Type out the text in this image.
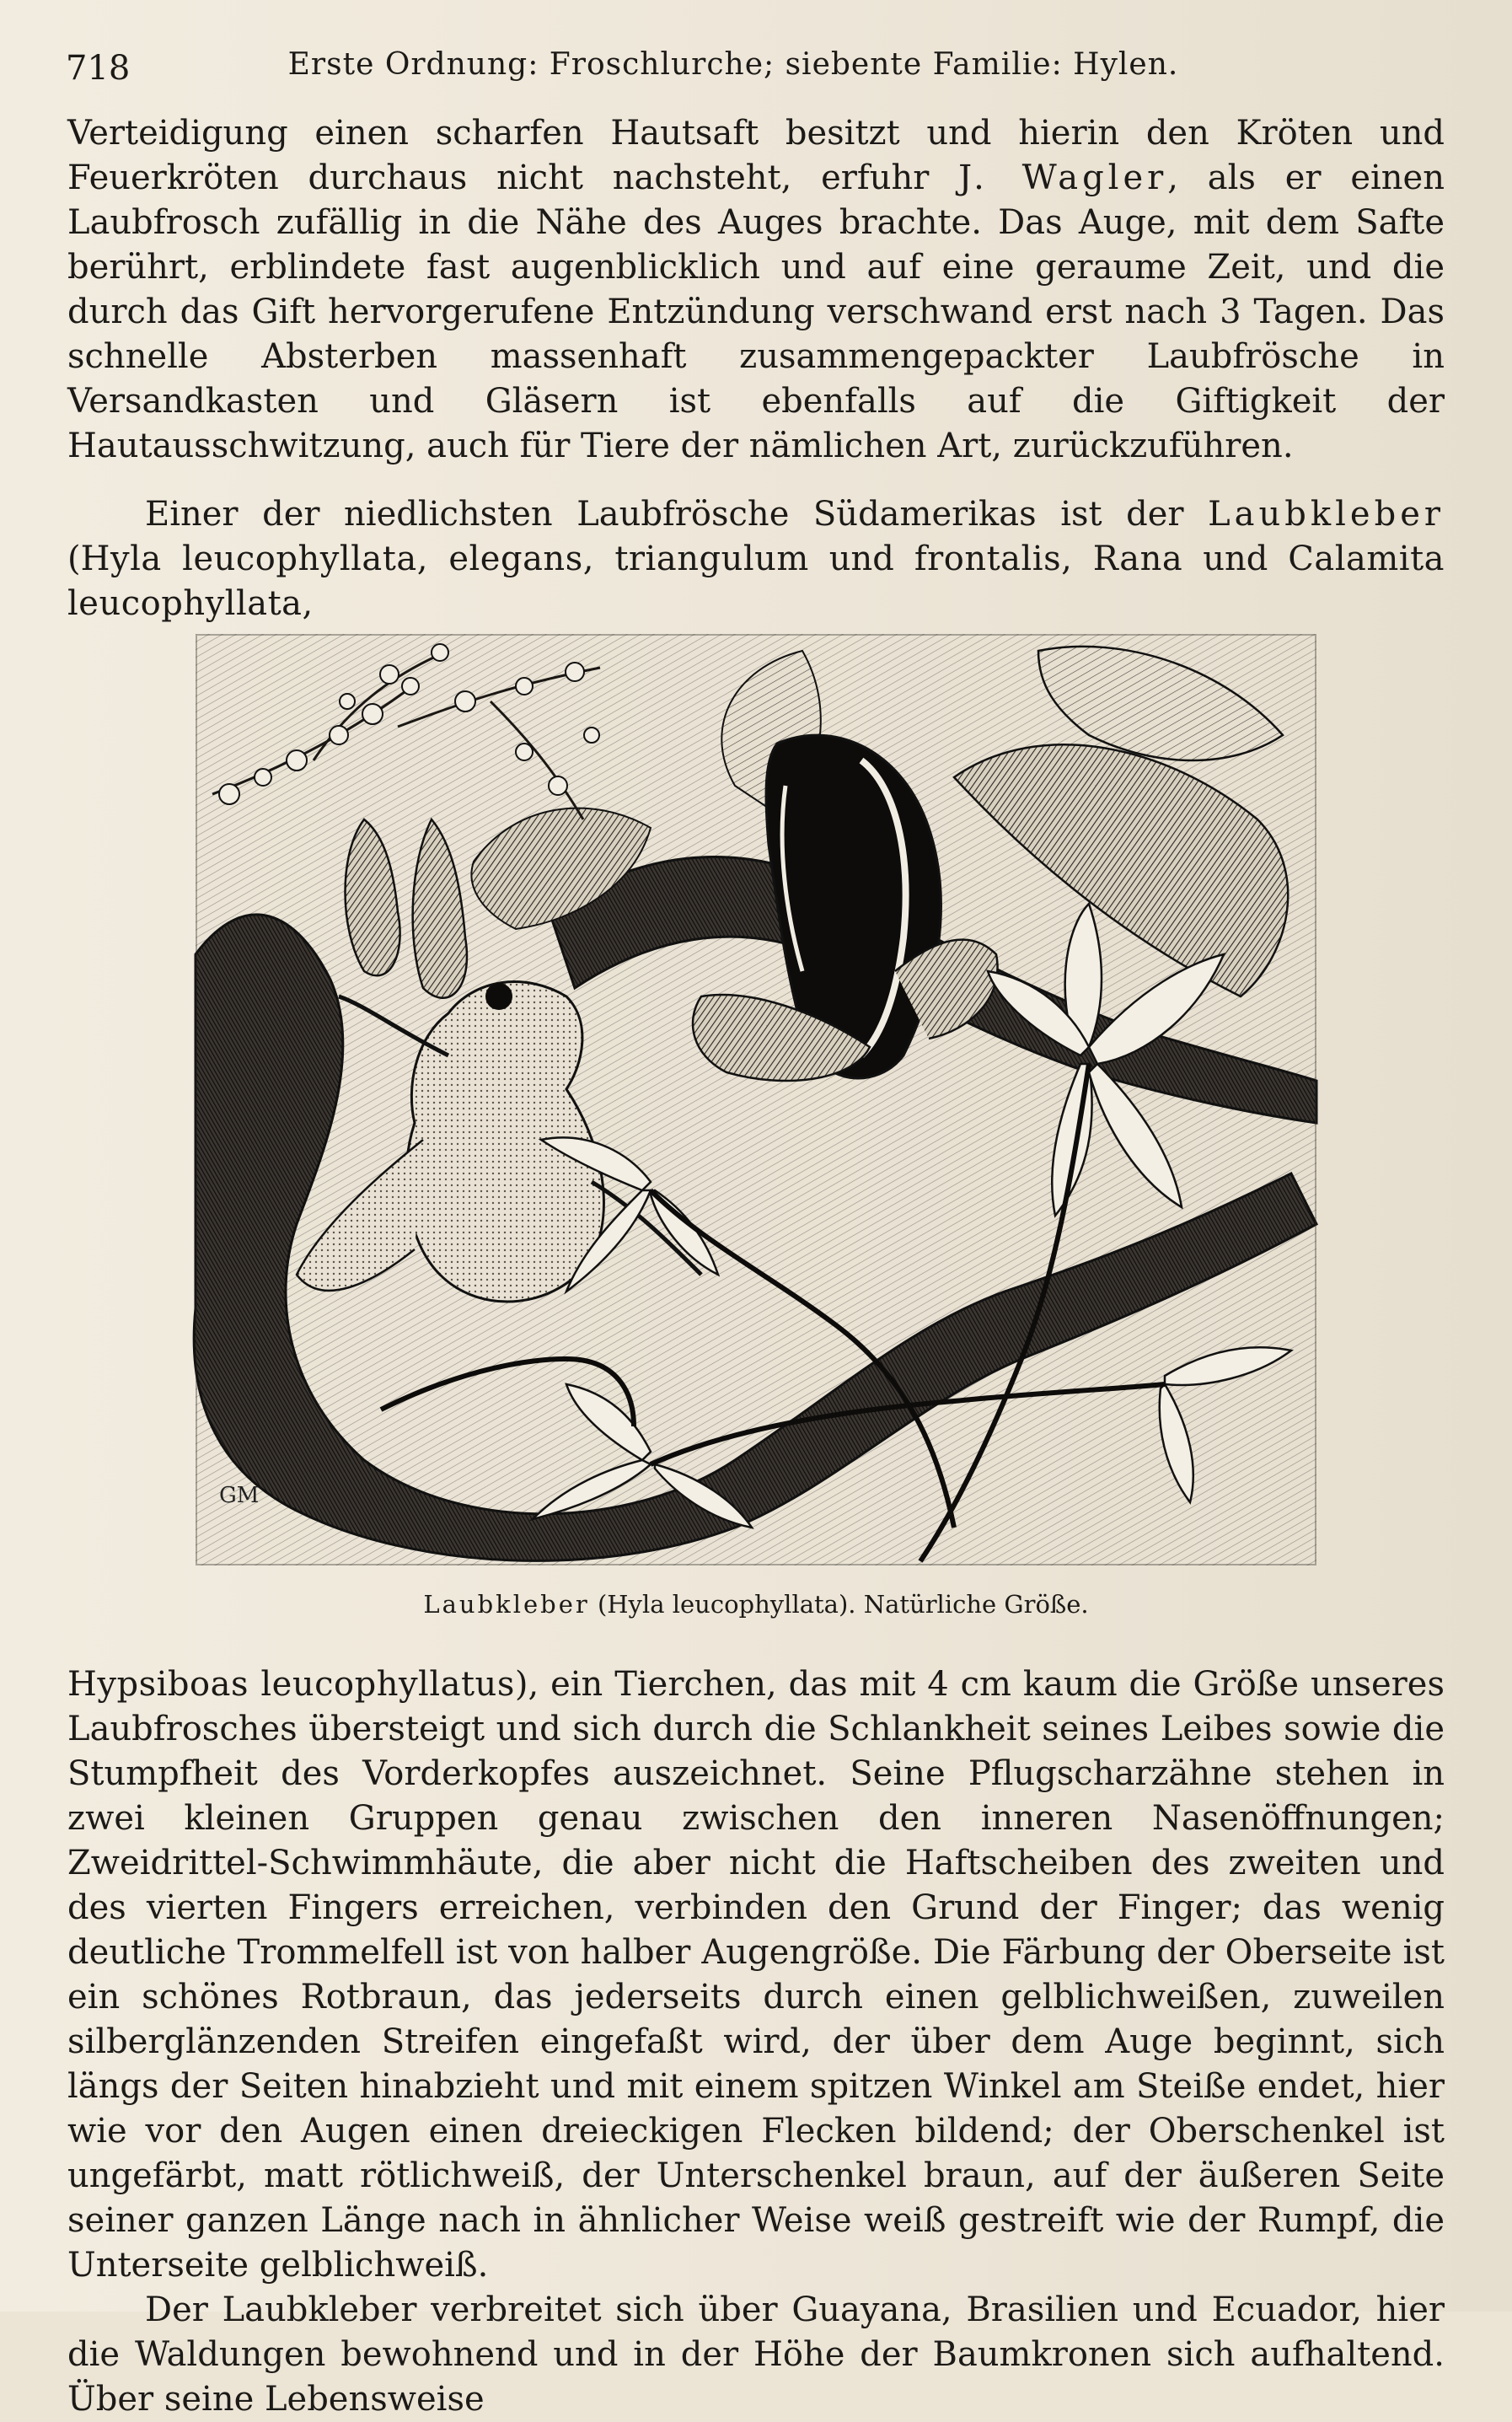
718	Erste Ordnung: Froschlurche; siebente Familie: Hylen.

Verteidigung einen scharfen Hautsaft besitzt und hierin den Kröten und Feuerkröten durchaus nicht nachsteht, erfuhr J. Wagler, als er einen Laubfrosch zufällig in die Nähe des Auges brachte. Das Auge, mit dem Safte berührt, erblindete fast augenblicklich und auf eine geraume Zeit, und die durch das Gift hervorgerufene Entzündung verschwand erst nach 3 Tagen. Das schnelle Absterben massenhaft zusammengepackter Laubfrösche in Versandkasten und Gläsern ist ebenfalls auf die Giftigkeit der Hautausschwitzung, auch für Tiere der nämlichen Art, zurückzuführen.

Einer der niedlichsten Laubfrösche Südamerikas ist der Laubkleber (Hyla leucophyllata, elegans, triangulum und frontalis, Rana und Calamita leucophyllata,

GM
Laubkleber (Hyla leucophyllata). Natürliche Größe.

Hypsiboas leucophyllatus), ein Tierchen, das mit 4 cm kaum die Größe unseres Laubfrosches übersteigt und sich durch die Schlankheit seines Leibes sowie die Stumpfheit des Vorderkopfes auszeichnet. Seine Pflugscharzähne stehen in zwei kleinen Gruppen genau zwischen den inneren Nasenöffnungen; Zweidrittel-Schwimmhäute, die aber nicht die Haftscheiben des zweiten und des vierten Fingers erreichen, verbinden den Grund der Finger; das wenig deutliche Trommelfell ist von halber Augengröße. Die Färbung der Oberseite ist ein schönes Rotbraun, das jederseits durch einen gelblichweißen, zuweilen silberglänzenden Streifen eingefaßt wird, der über dem Auge beginnt, sich längs der Seiten hinabzieht und mit einem spitzen Winkel am Steiße endet, hier wie vor den Augen einen dreieckigen Flecken bildend; der Oberschenkel ist ungefärbt, matt rötlichweiß, der Unterschenkel braun, auf der äußeren Seite seiner ganzen Länge nach in ähnlicher Weise weiß gestreift wie der Rumpf, die Unterseite gelblichweiß.

Der Laubkleber verbreitet sich über Guayana, Brasilien und Ecuador, hier die Waldungen bewohnend und in der Höhe der Baumkronen sich aufhaltend. Über seine Lebensweise
